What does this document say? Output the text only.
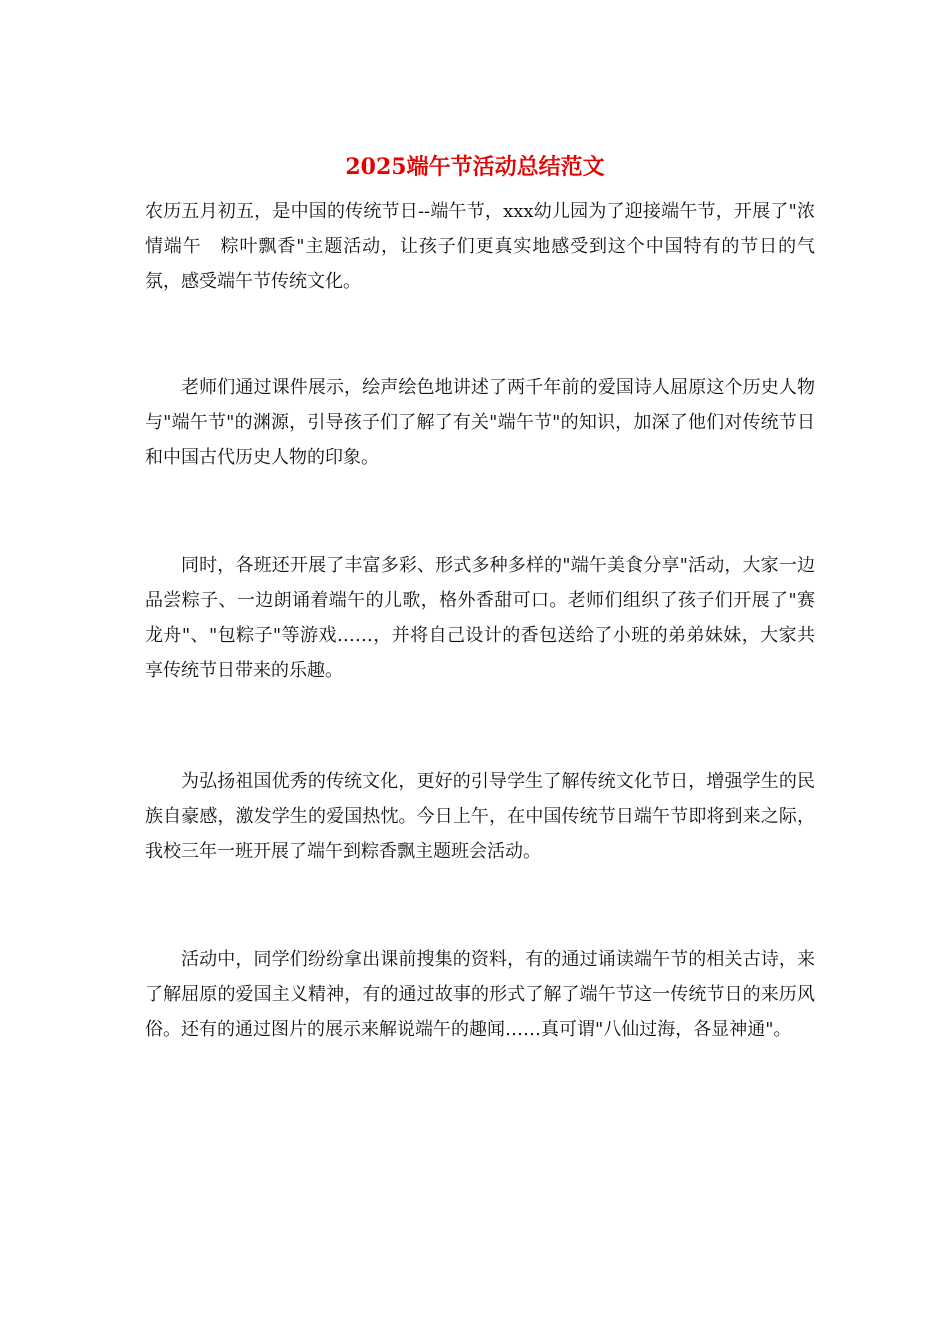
2025端午节活动总结范文

农历五月初五，是中国的传统节日--端午节，xxx幼儿园为了迎接端午节，开展了"浓情端午　粽叶飘香"主题活动，让孩子们更真实地感受到这个中国特有的节日的气氛，感受端午节传统文化。

老师们通过课件展示，绘声绘色地讲述了两千年前的爱国诗人屈原这个历史人物与"端午节"的渊源，引导孩子们了解了有关"端午节"的知识，加深了他们对传统节日和中国古代历史人物的印象。

同时，各班还开展了丰富多彩、形式多种多样的"端午美食分享"活动，大家一边品尝粽子、一边朗诵着端午的儿歌，格外香甜可口。老师们组织了孩子们开展了"赛龙舟"、"包粽子"等游戏……，并将自己设计的香包送给了小班的弟弟妹妹，大家共享传统节日带来的乐趣。

为弘扬祖国优秀的传统文化，更好的引导学生了解传统文化节日，增强学生的民族自豪感，激发学生的爱国热忱。今日上午，在中国传统节日端午节即将到来之际，我校三年一班开展了端午到粽香飘主题班会活动。

活动中，同学们纷纷拿出课前搜集的资料，有的通过诵读端午节的相关古诗，来了解屈原的爱国主义精神，有的通过故事的形式了解了端午节这一传统节日的来历风俗。还有的通过图片的展示来解说端午的趣闻……真可谓"八仙过海，各显神通"。
